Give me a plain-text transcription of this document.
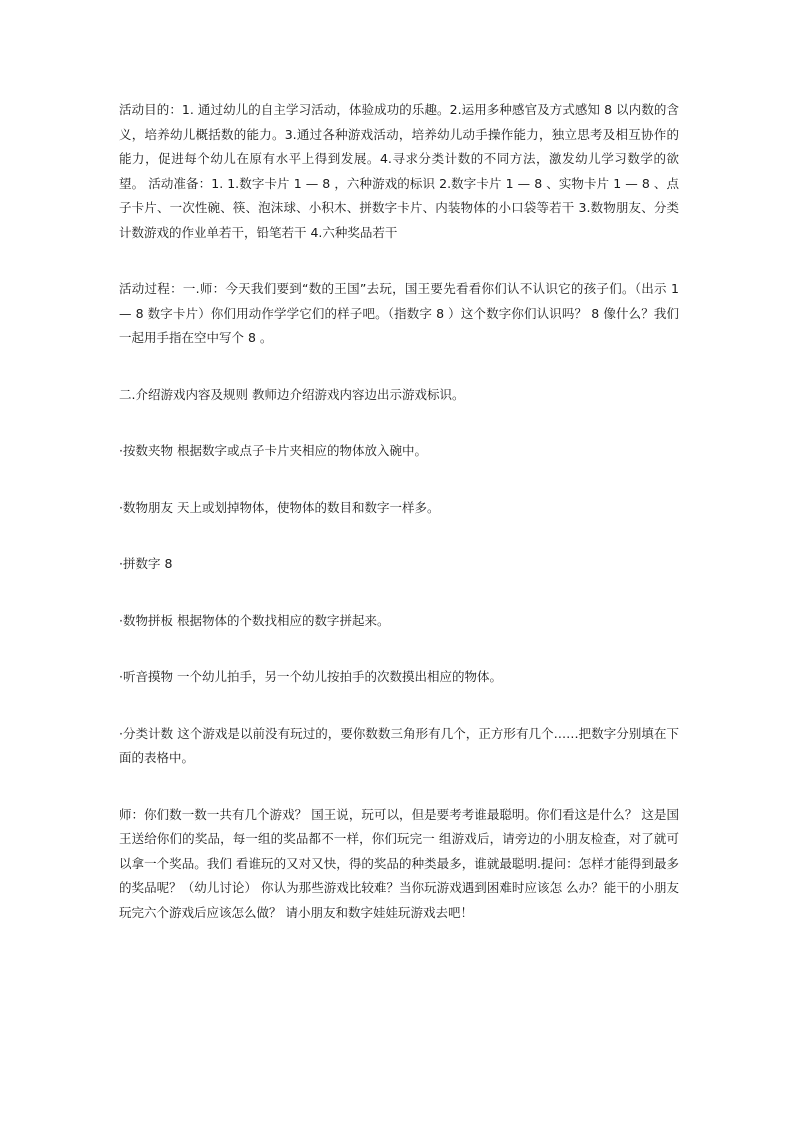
活动目的：1. 通过幼儿的自主学习活动，体验成功的乐趣。2.运用多种感官及方式感知 8 以内数的含义，培养幼儿概括数的能力。3.通过各种游戏活动，培养幼儿动手操作能力，独立思考及相互协作的能力，促进每个幼儿在原有水平上得到发展。4.寻求分类计数的不同方法，激发幼儿学习数学的欲望。 活动准备：1. 1.数字卡片 1 — 8 ，六种游戏的标识 2.数字卡片 1 — 8 、实物卡片 1 — 8 、点子卡片、一次性碗、筷、泡沫球、小积木、拼数字卡片、内装物体的小口袋等若干 3.数物朋友、分类计数游戏的作业单若干，铅笔若干 4.六种奖品若干

活动过程：一.师：今天我们要到“数的王国”去玩，国王要先看看你们认不认识它的孩子们。（出示 1 — 8 数字卡片）你们用动作学学它们的样子吧。（指数字 8 ）这个数字你们认识吗？ 8 像什么？我们一起用手指在空中写个 8 。

二.介绍游戏内容及规则 教师边介绍游戏内容边出示游戏标识。

·按数夹物 根据数字或点子卡片夹相应的物体放入碗中。

·数物朋友 天上或划掉物体，使物体的数目和数字一样多。

·拼数字 8

·数物拼板 根据物体的个数找相应的数字拼起来。

·听音摸物 一个幼儿拍手，另一个幼儿按拍手的次数摸出相应的物体。

·分类计数 这个游戏是以前没有玩过的，要你数数三角形有几个，正方形有几个……把数字分别填在下面的表格中。

师：你们数一数一共有几个游戏？ 国王说，玩可以，但是要考考谁最聪明。你们看这是什么？ 这是国王送给你们的奖品，每一组的奖品都不一样，你们玩完一 组游戏后，请旁边的小朋友检查，对了就可以拿一个奖品。我们 看谁玩的又对又快，得的奖品的种类最多，谁就最聪明.提问：怎样才能得到最多的奖品呢？（幼儿讨论） 你认为那些游戏比较难？当你玩游戏遇到困难时应该怎 么办？能干的小朋友玩完六个游戏后应该怎么做？ 请小朋友和数字娃娃玩游戏去吧！
